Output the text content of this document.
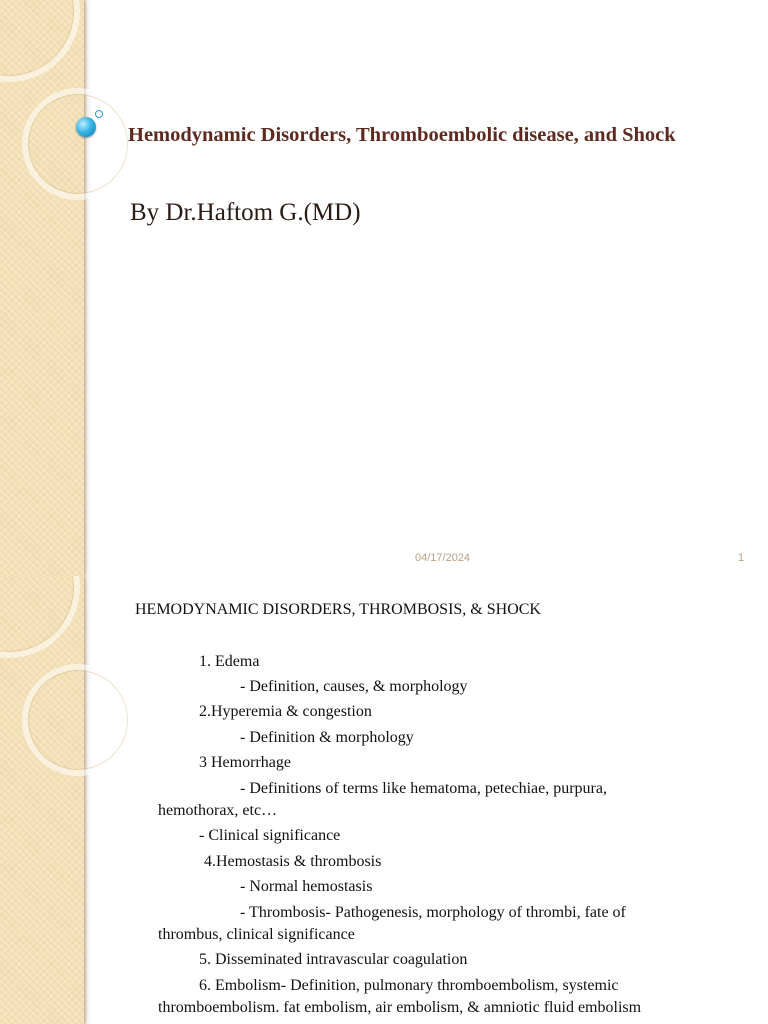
Hemodynamic Disorders, Thromboembolic disease, and Shock
By Dr.Haftom G.(MD)
04/17/2024	1
HEMODYNAMIC DISORDERS, THROMBOSIS, & SHOCK
1. Edema
- Definition, causes, & morphology
2.Hyperemia & congestion
- Definition & morphology
3 Hemorrhage
- Definitions of terms like hematoma, petechiae, purpura,
hemothorax, etc…
- Clinical significance
4.Hemostasis & thrombosis
- Normal hemostasis
- Thrombosis- Pathogenesis, morphology of thrombi, fate of
thrombus, clinical significance
5. Disseminated intravascular coagulation
6. Embolism- Definition, pulmonary thromboembolism, systemic
thromboembolism. fat embolism, air embolism, & amniotic fluid embolism
